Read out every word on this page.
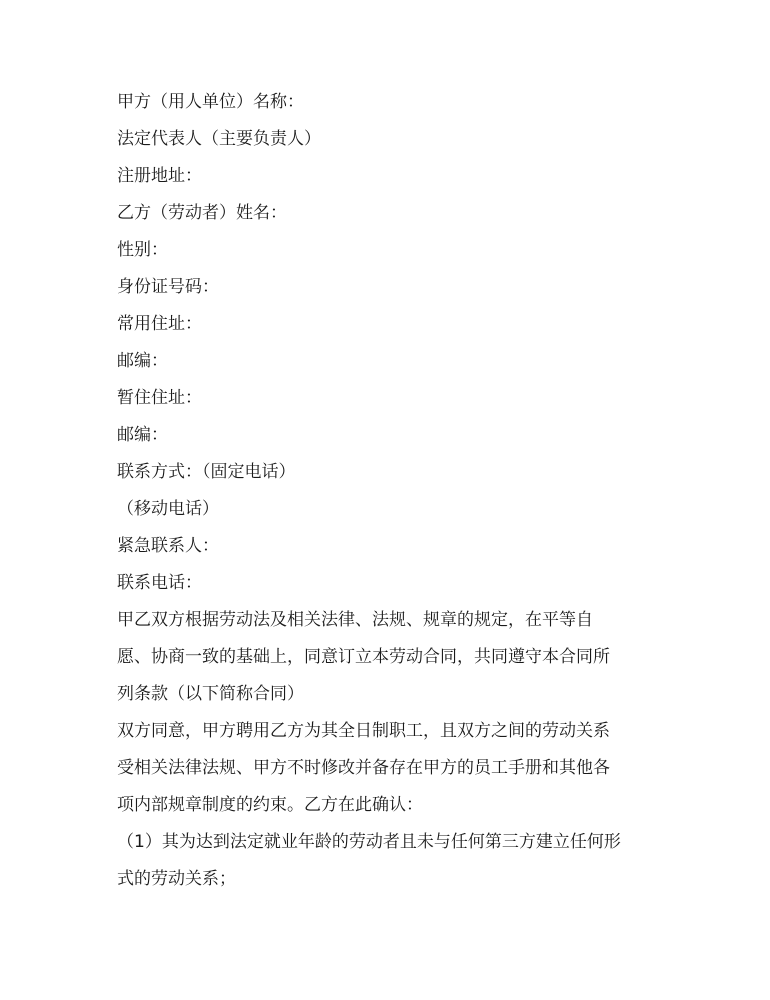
甲方（用人单位）名称：
法定代表人（主要负责人）
注册地址：
乙方（劳动者）姓名：
性别：
身份证号码：
常用住址：
邮编：
暂住住址：
邮编：
联系方式：（固定电话）
（移动电话）
紧急联系人：
联系电话：
甲乙双方根据劳动法及相关法律、法规、规章的规定，在平等自
愿、协商一致的基础上，同意订立本劳动合同，共同遵守本合同所
列条款（以下简称合同）
双方同意，甲方聘用乙方为其全日制职工，且双方之间的劳动关系
受相关法律法规、甲方不时修改并备存在甲方的员工手册和其他各
项内部规章制度的约束。乙方在此确认：
（1）其为达到法定就业年龄的劳动者且未与任何第三方建立任何形
式的劳动关系；
